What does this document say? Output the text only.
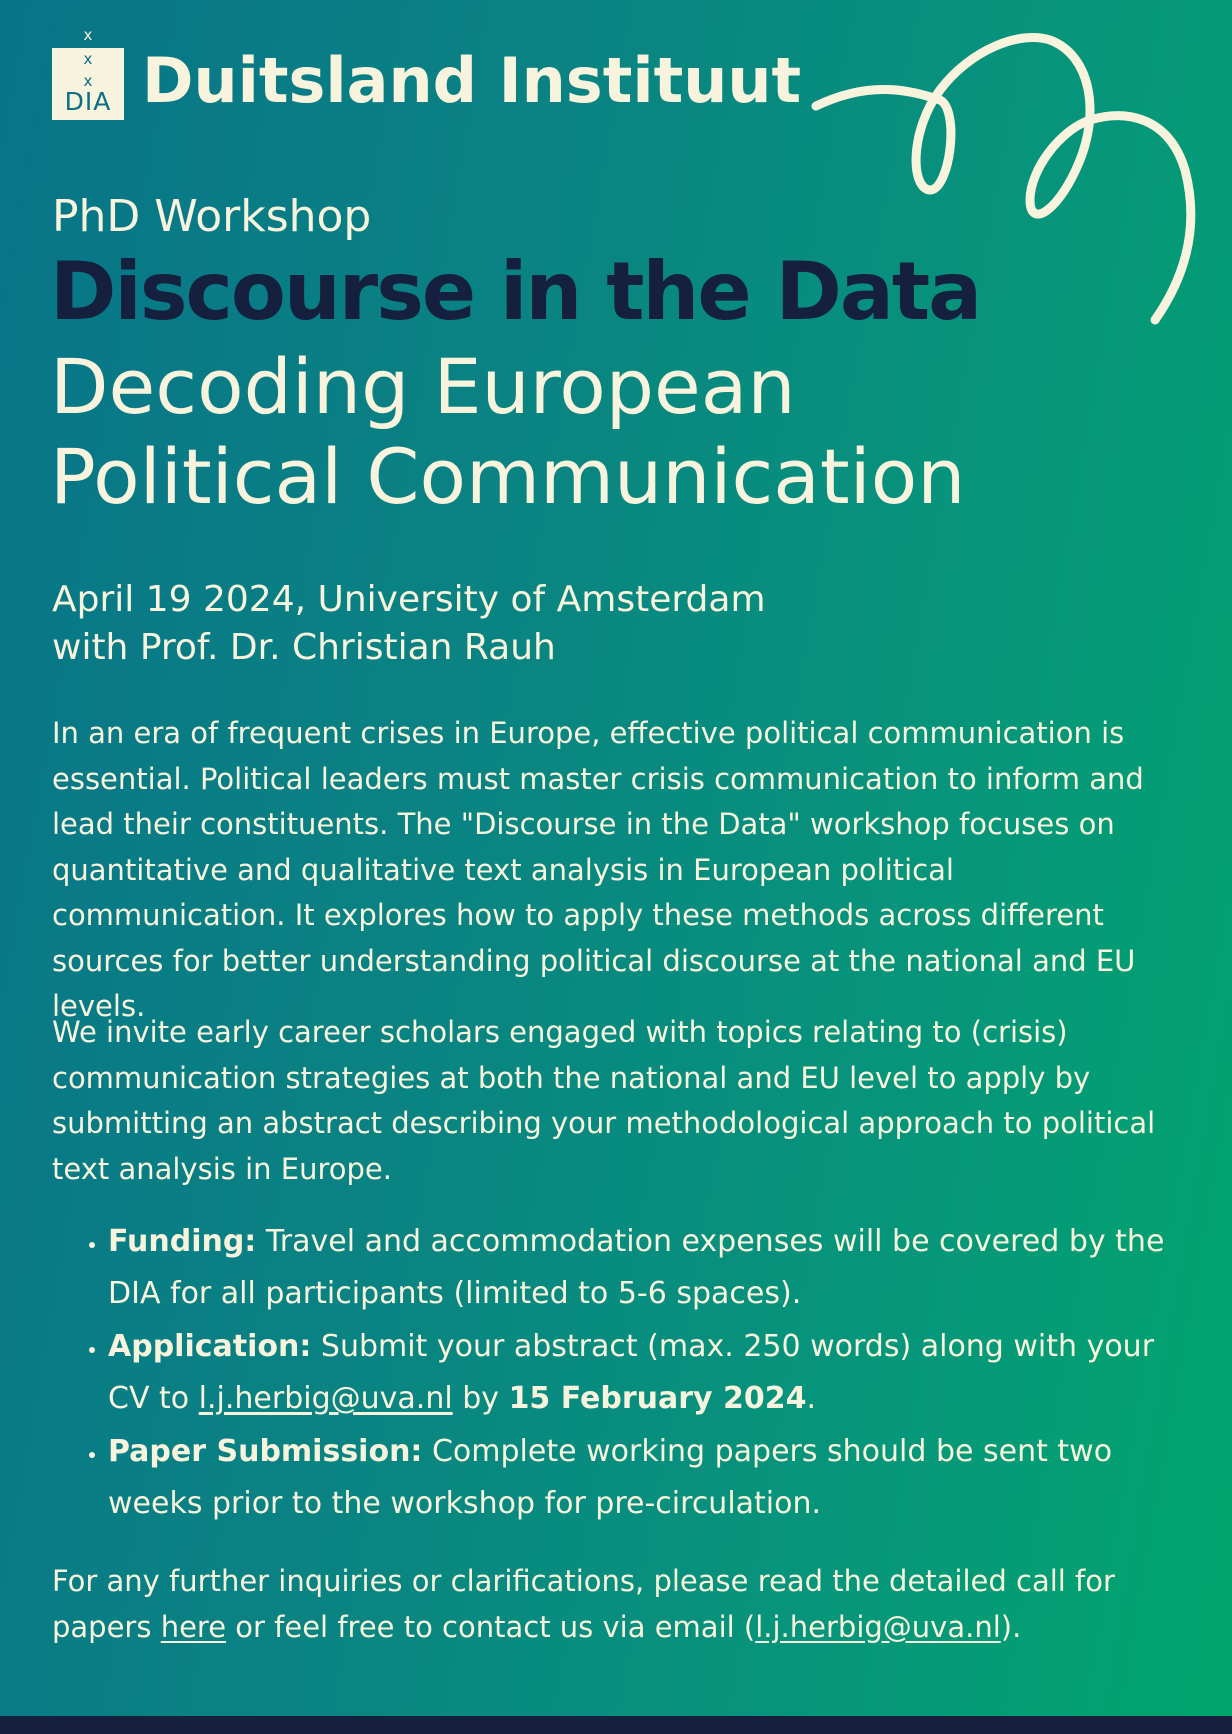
x
x
x
DIA Duitsland Instituut
PhD Workshop
Discourse in the Data
Decoding European
Political Communication
April 19 2024, University of Amsterdam
with Prof. Dr. Christian Rauh

In an era of frequent crises in Europe, effective political communication is essential. Political leaders must master crisis communication to inform and lead their constituents. The "Discourse in the Data" workshop focuses on quantitative and qualitative text analysis in European political communication. It explores how to apply these methods across different sources for better understanding political discourse at the national and EU levels.

We invite early career scholars engaged with topics relating to (crisis) communication strategies at both the national and EU level to apply by submitting an abstract describing your methodological approach to political text analysis in Europe.

• Funding: Travel and accommodation expenses will be covered by the DIA for all participants (limited to 5-6 spaces).
• Application: Submit your abstract (max. 250 words) along with your CV to l.j.herbig@uva.nl by 15 February 2024.
• Paper Submission: Complete working papers should be sent two weeks prior to the workshop for pre-circulation.

For any further inquiries or clarifications, please read the detailed call for papers here or feel free to contact us via email (l.j.herbig@uva.nl).
